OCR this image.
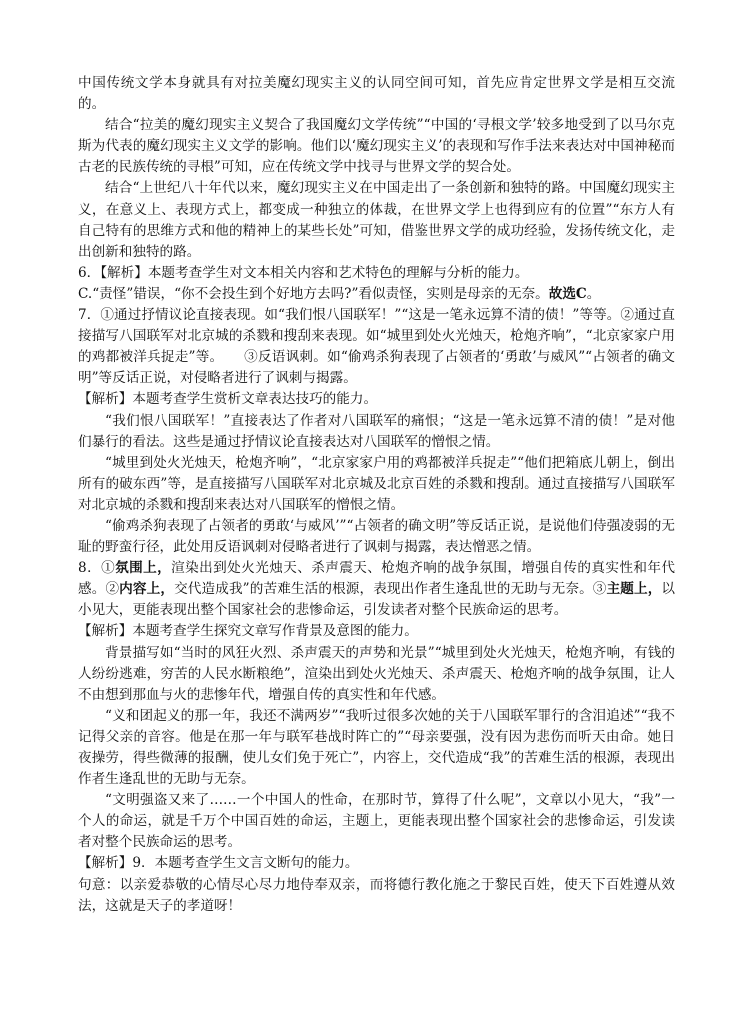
中国传统文学本身就具有对拉美魔幻现实主义的认同空间可知，首先应肯定世界文学是相互交流的。

结合“拉美的魔幻现实主义契合了我国魔幻文学传统”“中国的‘寻根文学’较多地受到了以马尔克斯为代表的魔幻现实主义文学的影响。他们以‘魔幻现实主义’的表现和写作手法来表达对中国神秘而古老的民族传统的寻根”可知，应在传统文学中找寻与世界文学的契合处。

结合“上世纪八十年代以来，魔幻现实主义在中国走出了一条创新和独特的路。中国魔幻现实主义，在意义上、表现方式上，都变成一种独立的体裁，在世界文学上也得到应有的位置”“东方人有自己特有的思维方式和他的精神上的某些长处”可知，借鉴世界文学的成功经验，发扬传统文化，走出创新和独特的路。

6．【解析】本题考查学生对文本相关内容和艺术特色的理解与分析的能力。

C.“责怪”错误，“你不会投生到个好地方去吗?”看似责怪，实则是母亲的无奈。故选C。

7．①通过抒情议论直接表现。如“我们恨八国联军！”“这是一笔永远算不清的债！”等等。②通过直接描写八国联军对北京城的杀戮和搜刮来表现。如“城里到处火光烛天，枪炮齐响”，“北京家家户用的鸡都被洋兵捉走”等。　　③反语讽刺。如“偷鸡杀狗表现了占领者的‘勇敢’与威风”“占领者的确文明”等反话正说，对侵略者进行了讽刺与揭露。

【解析】本题考查学生赏析文章表达技巧的能力。

“我们恨八国联军！”直接表达了作者对八国联军的痛恨；“这是一笔永远算不清的债！”是对他们暴行的看法。这些是通过抒情议论直接表达对八国联军的憎恨之情。

“城里到处火光烛天，枪炮齐响”，“北京家家户用的鸡都被洋兵捉走”“他们把箱底儿朝上，倒出所有的破东西”等，是直接描写八国联军对北京城及北京百姓的杀戮和搜刮。通过直接描写八国联军对北京城的杀戮和搜刮来表达对八国联军的憎恨之情。

“偷鸡杀狗表现了占领者的勇敢‘与威风’”“占领者的确文明”等反话正说，是说他们侍强凌弱的无耻的野蛮行径，此处用反语讽刺对侵略者进行了讽刺与揭露，表达憎恶之情。

8．①氛围上，渲染出到处火光烛天、杀声震天、枪炮齐响的战争氛围，增强自传的真实性和年代感。②内容上，交代造成我”的苦难生活的根源，表现出作者生逢乱世的无助与无奈。③主题上，以小见大，更能表现出整个国家社会的悲惨命运，引发读者对整个民族命运的思考。

【解析】本题考查学生探究文章写作背景及意图的能力。

背景描写如“当时的风狂火烈、杀声震天的声势和光景”“城里到处火光烛天，枪炮齐响，有钱的人纷纷逃难，穷苦的人民水断粮绝”，渲染出到处火光烛天、杀声震天、枪炮齐响的战争氛围，让人不由想到那血与火的悲惨年代，增强自传的真实性和年代感。

“义和团起义的那一年，我还不满两岁”“我听过很多次她的关于八国联军罪行的含泪追述”“我不记得父亲的音容。他是在那一年与联军巷战时阵亡的”“母亲要强，没有因为悲伤而听天由命。她日夜操劳，得些微薄的报酬，使儿女们免于死亡”，内容上，交代造成“我”的苦难生活的根源，表现出作者生逢乱世的无助与无奈。

“文明强盗又来了……一个中国人的性命，在那时节，算得了什么呢”，文章以小见大，“我”一个人的命运，就是千万个中国百姓的命运，主题上，更能表现出整个国家社会的悲惨命运，引发读者对整个民族命运的思考。

【解析】9．本题考查学生文言文断句的能力。

句意：以亲爱恭敬的心情尽心尽力地侍奉双亲，而将德行教化施之于黎民百姓，使天下百姓遵从效法，这就是天子的孝道呀！
